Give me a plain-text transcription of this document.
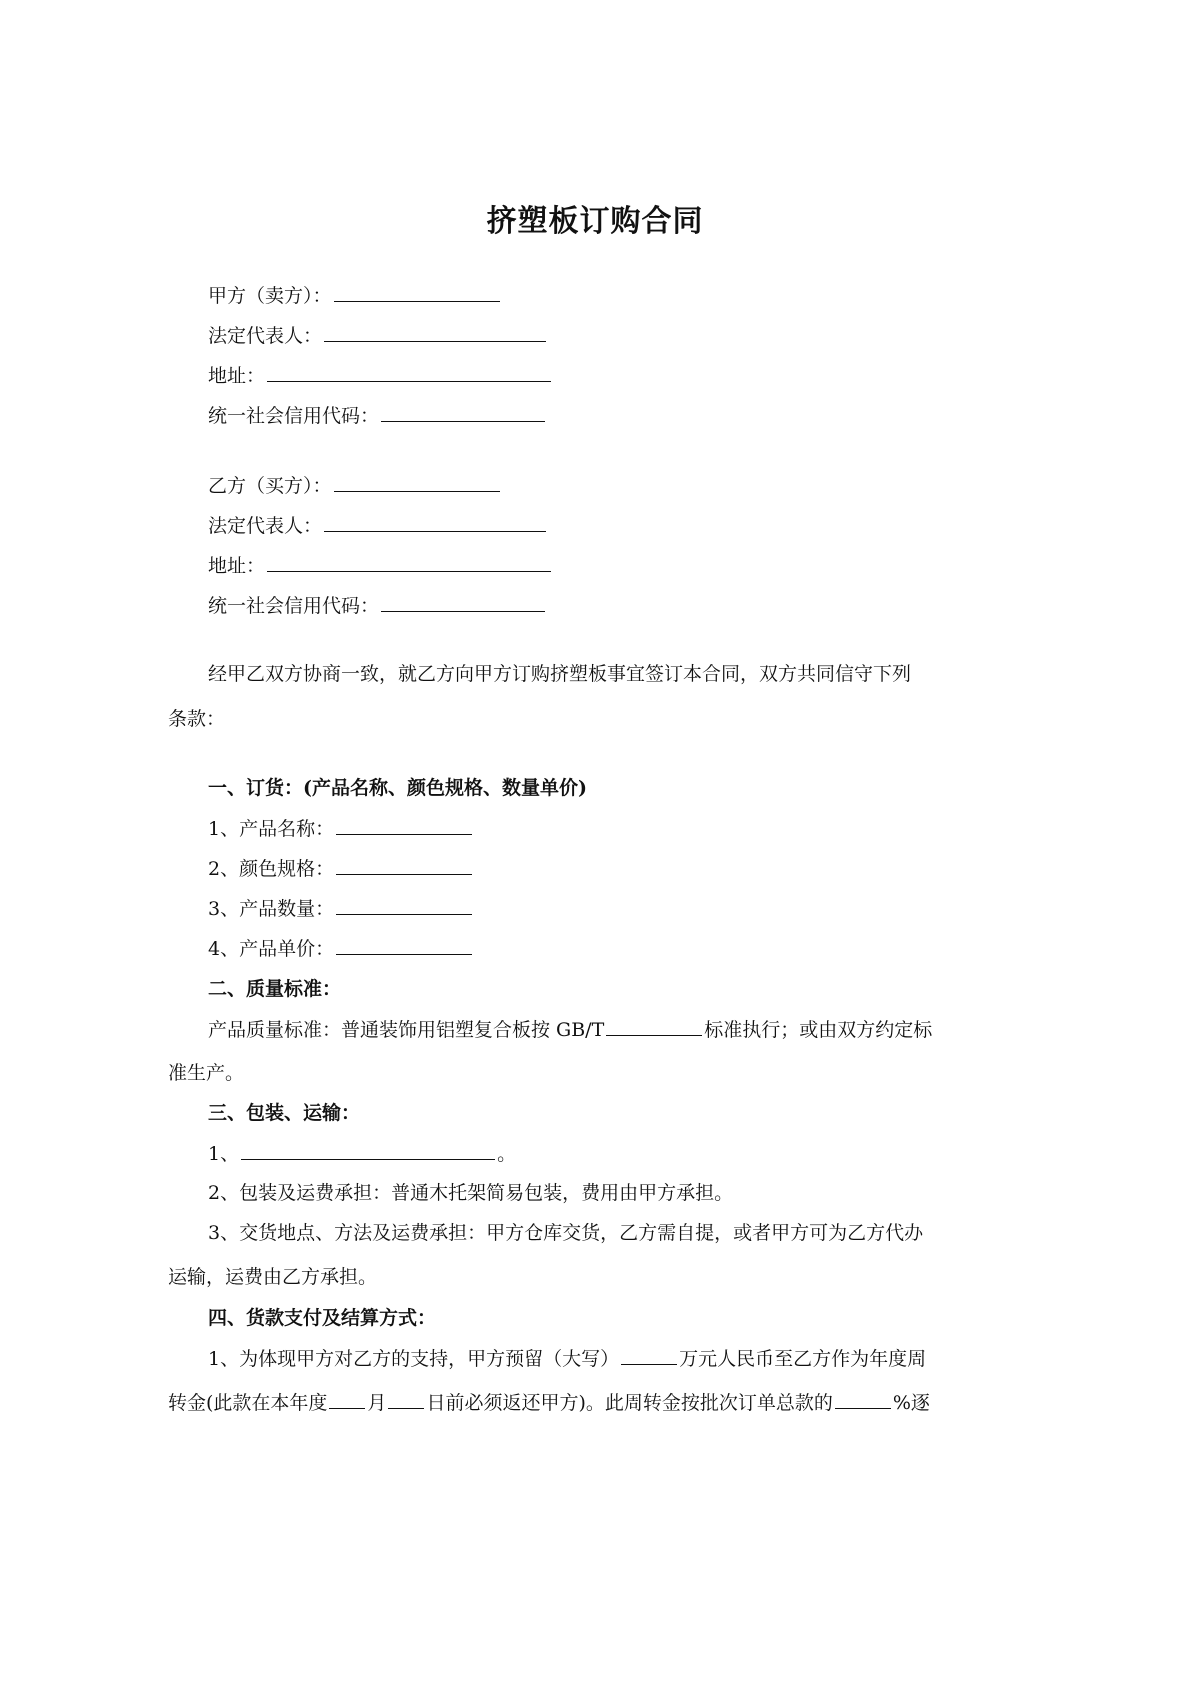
挤塑板订购合同
甲方（卖方）：
法定代表人：
地址：
统一社会信用代码：
乙方（买方）：
法定代表人：
地址：
统一社会信用代码：
经甲乙双方协商一致，就乙方向甲方订购挤塑板事宜签订本合同，双方共同信守下列
条款：
一、订货：(产品名称、颜色规格、数量单价)
1、产品名称：
2、颜色规格：
3、产品数量：
4、产品单价：
二、质量标准：
产品质量标准：普通装饰用铝塑复合板按 GB/T	标准执行；或由双方约定标
准生产。
三、包装、运输：
1、	。
2、包装及运费承担：普通木托架简易包装，费用由甲方承担。
3、交货地点、方法及运费承担：甲方仓库交货，乙方需自提，或者甲方可为乙方代办
运输，运费由乙方承担。
四、货款支付及结算方式：
1、为体现甲方对乙方的支持，甲方预留（大写）	万元人民币至乙方作为年度周
转金(此款在本年度 月 日前必须返还甲方)。此周转金按批次订单总款的	%逐
